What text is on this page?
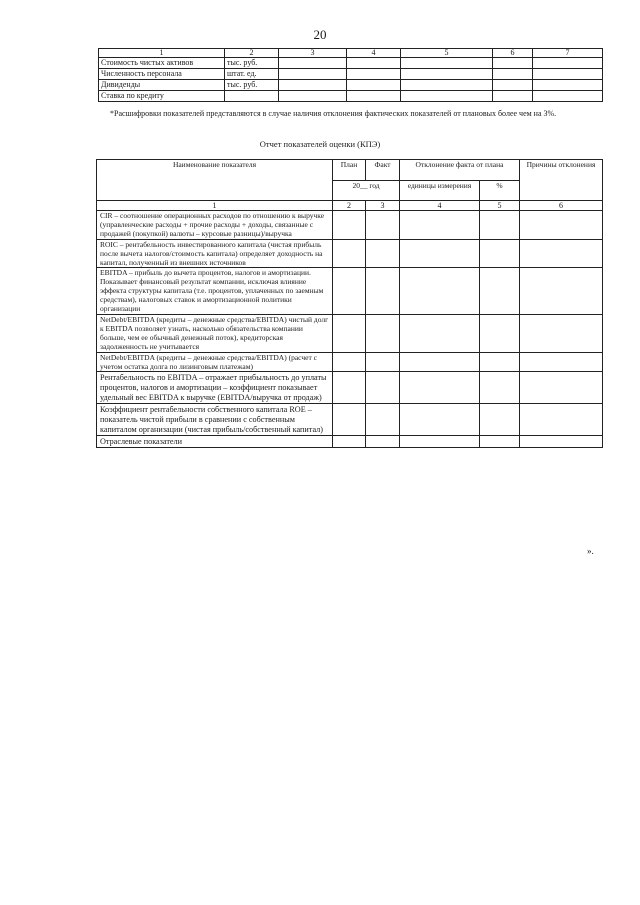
20
1	2	3	4	5	6	7
Стоимость чистых активов	тыс. руб.					
Численность персонала	штат. ед.					
Дивиденды	тыс. руб.					
Ставка по кредиту						
*Расшифровки показателей представляются в случае наличия отклонения фактических показателей от плановых более чем на 3%.
Отчет показателей оценки (КПЭ)
Наименование показателя	План	Факт	Отклонение факта от плана		Причины отклонения
	20__ год		единицы измерения	%	
1	2	3	4	5	6
CIR – соотношение операционных расходов по отношению к выручке (управленческие расходы + прочие расходы + доходы, связанные с продажей (покупкой) валюты – курсовые разницы)/выручка					
ROIC – рентабельность инвестированного капитала (чистая прибыль после вычета налогов/стоимость капитала) определяет доходность на капитал, полученный из внешних источников					
EBITDA – прибыль до вычета процентов, налогов и амортизации. Показывает финансовый результат компании, исключая влияние эффекта структуры капитала (т.е. процентов, уплаченных по заемным средствам), налоговых ставок и амортизационной политики организации					
NetDebt/EBITDA (кредиты – денежные средства/EBITDA) чистый долг к EBITDA позволяет узнать, насколько обязательства компании больше, чем ее обычный денежный поток), кредиторская задолженность не учитывается					
NetDebt/EBITDA (кредиты – денежные средства/EBITDA) (расчет с учетом остатка долга по лизинговым платежам)					
Рентабельность по EBITDA – отражает прибыльность до уплаты процентов, налогов и амортизации – коэффициент показывает удельный вес EBITDA к выручке (EBITDA/выручка от продаж)					
Коэффициент рентабельности собственного капитала ROE – показатель чистой прибыли в сравнении с собственным капиталом организации (чистая прибыль/собственный капитал)					
Отраслевые показатели					
».
